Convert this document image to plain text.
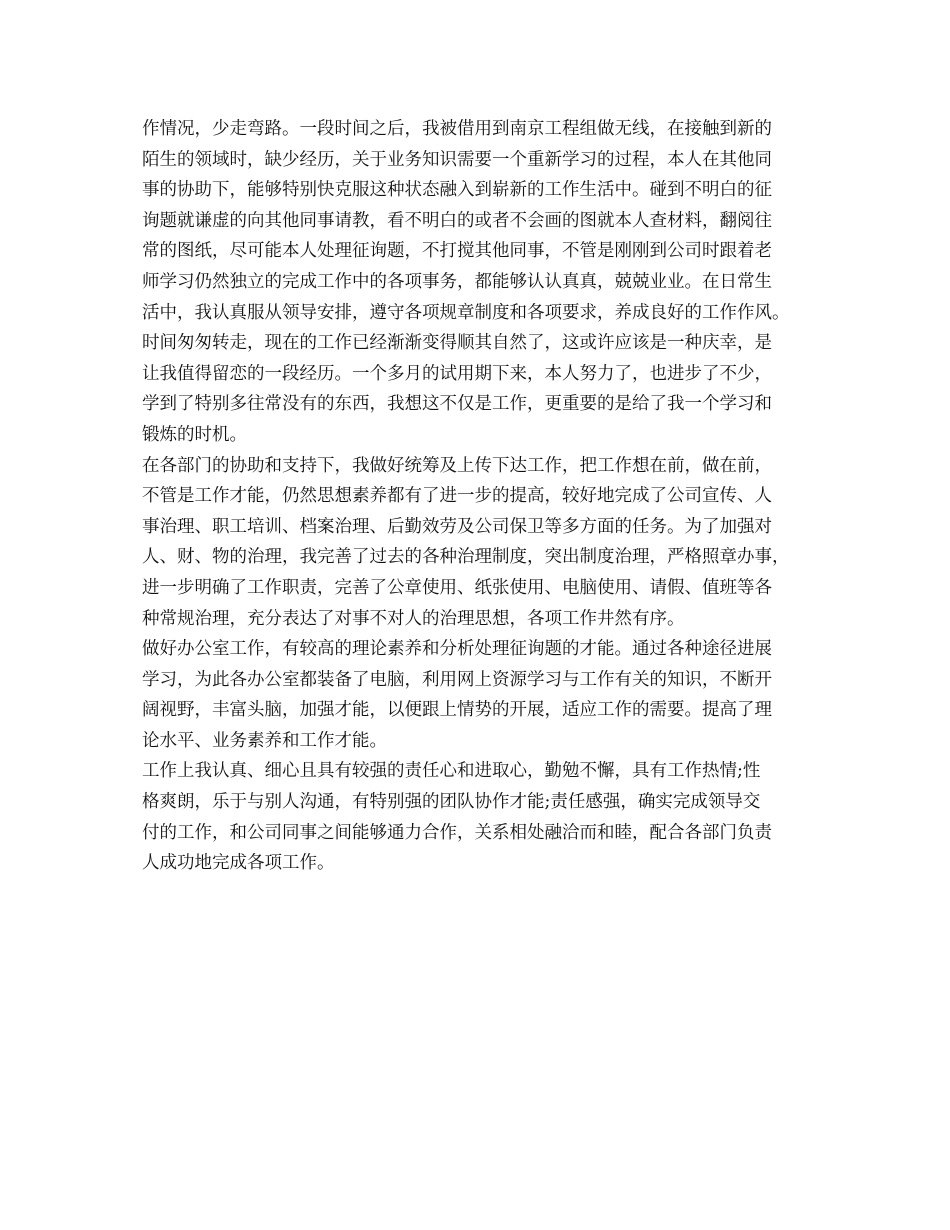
作情况，少走弯路。一段时间之后，我被借用到南京工程组做无线，在接触到新的
陌生的领域时，缺少经历，关于业务知识需要一个重新学习的过程，本人在其他同
事的协助下，能够特别快克服这种状态融入到崭新的工作生活中。碰到不明白的征
询题就谦虚的向其他同事请教，看不明白的或者不会画的图就本人查材料，翻阅往
常的图纸，尽可能本人处理征询题，不打搅其他同事，不管是刚刚到公司时跟着老
师学习仍然独立的完成工作中的各项事务，都能够认认真真，兢兢业业。在日常生
活中，我认真服从领导安排，遵守各项规章制度和各项要求，养成良好的工作作风。
时间匆匆转走，现在的工作已经渐渐变得顺其自然了，这或许应该是一种庆幸，是
让我值得留恋的一段经历。一个多月的试用期下来，本人努力了，也进步了不少，
学到了特别多往常没有的东西，我想这不仅是工作，更重要的是给了我一个学习和
锻炼的时机。
在各部门的协助和支持下，我做好统筹及上传下达工作，把工作想在前，做在前，
不管是工作才能，仍然思想素养都有了进一步的提高，较好地完成了公司宣传、人
事治理、职工培训、档案治理、后勤效劳及公司保卫等多方面的任务。为了加强对
人、财、物的治理，我完善了过去的各种治理制度，突出制度治理，严格照章办事，
进一步明确了工作职责，完善了公章使用、纸张使用、电脑使用、请假、值班等各
种常规治理，充分表达了对事不对人的治理思想，各项工作井然有序。
做好办公室工作，有较高的理论素养和分析处理征询题的才能。通过各种途径进展
学习，为此各办公室都装备了电脑，利用网上资源学习与工作有关的知识，不断开
阔视野，丰富头脑，加强才能，以便跟上情势的开展，适应工作的需要。提高了理
论水平、业务素养和工作才能。
工作上我认真、细心且具有较强的责任心和进取心，勤勉不懈，具有工作热情;性
格爽朗，乐于与别人沟通，有特别强的团队协作才能;责任感强，确实完成领导交
付的工作，和公司同事之间能够通力合作，关系相处融洽而和睦，配合各部门负责
人成功地完成各项工作。
